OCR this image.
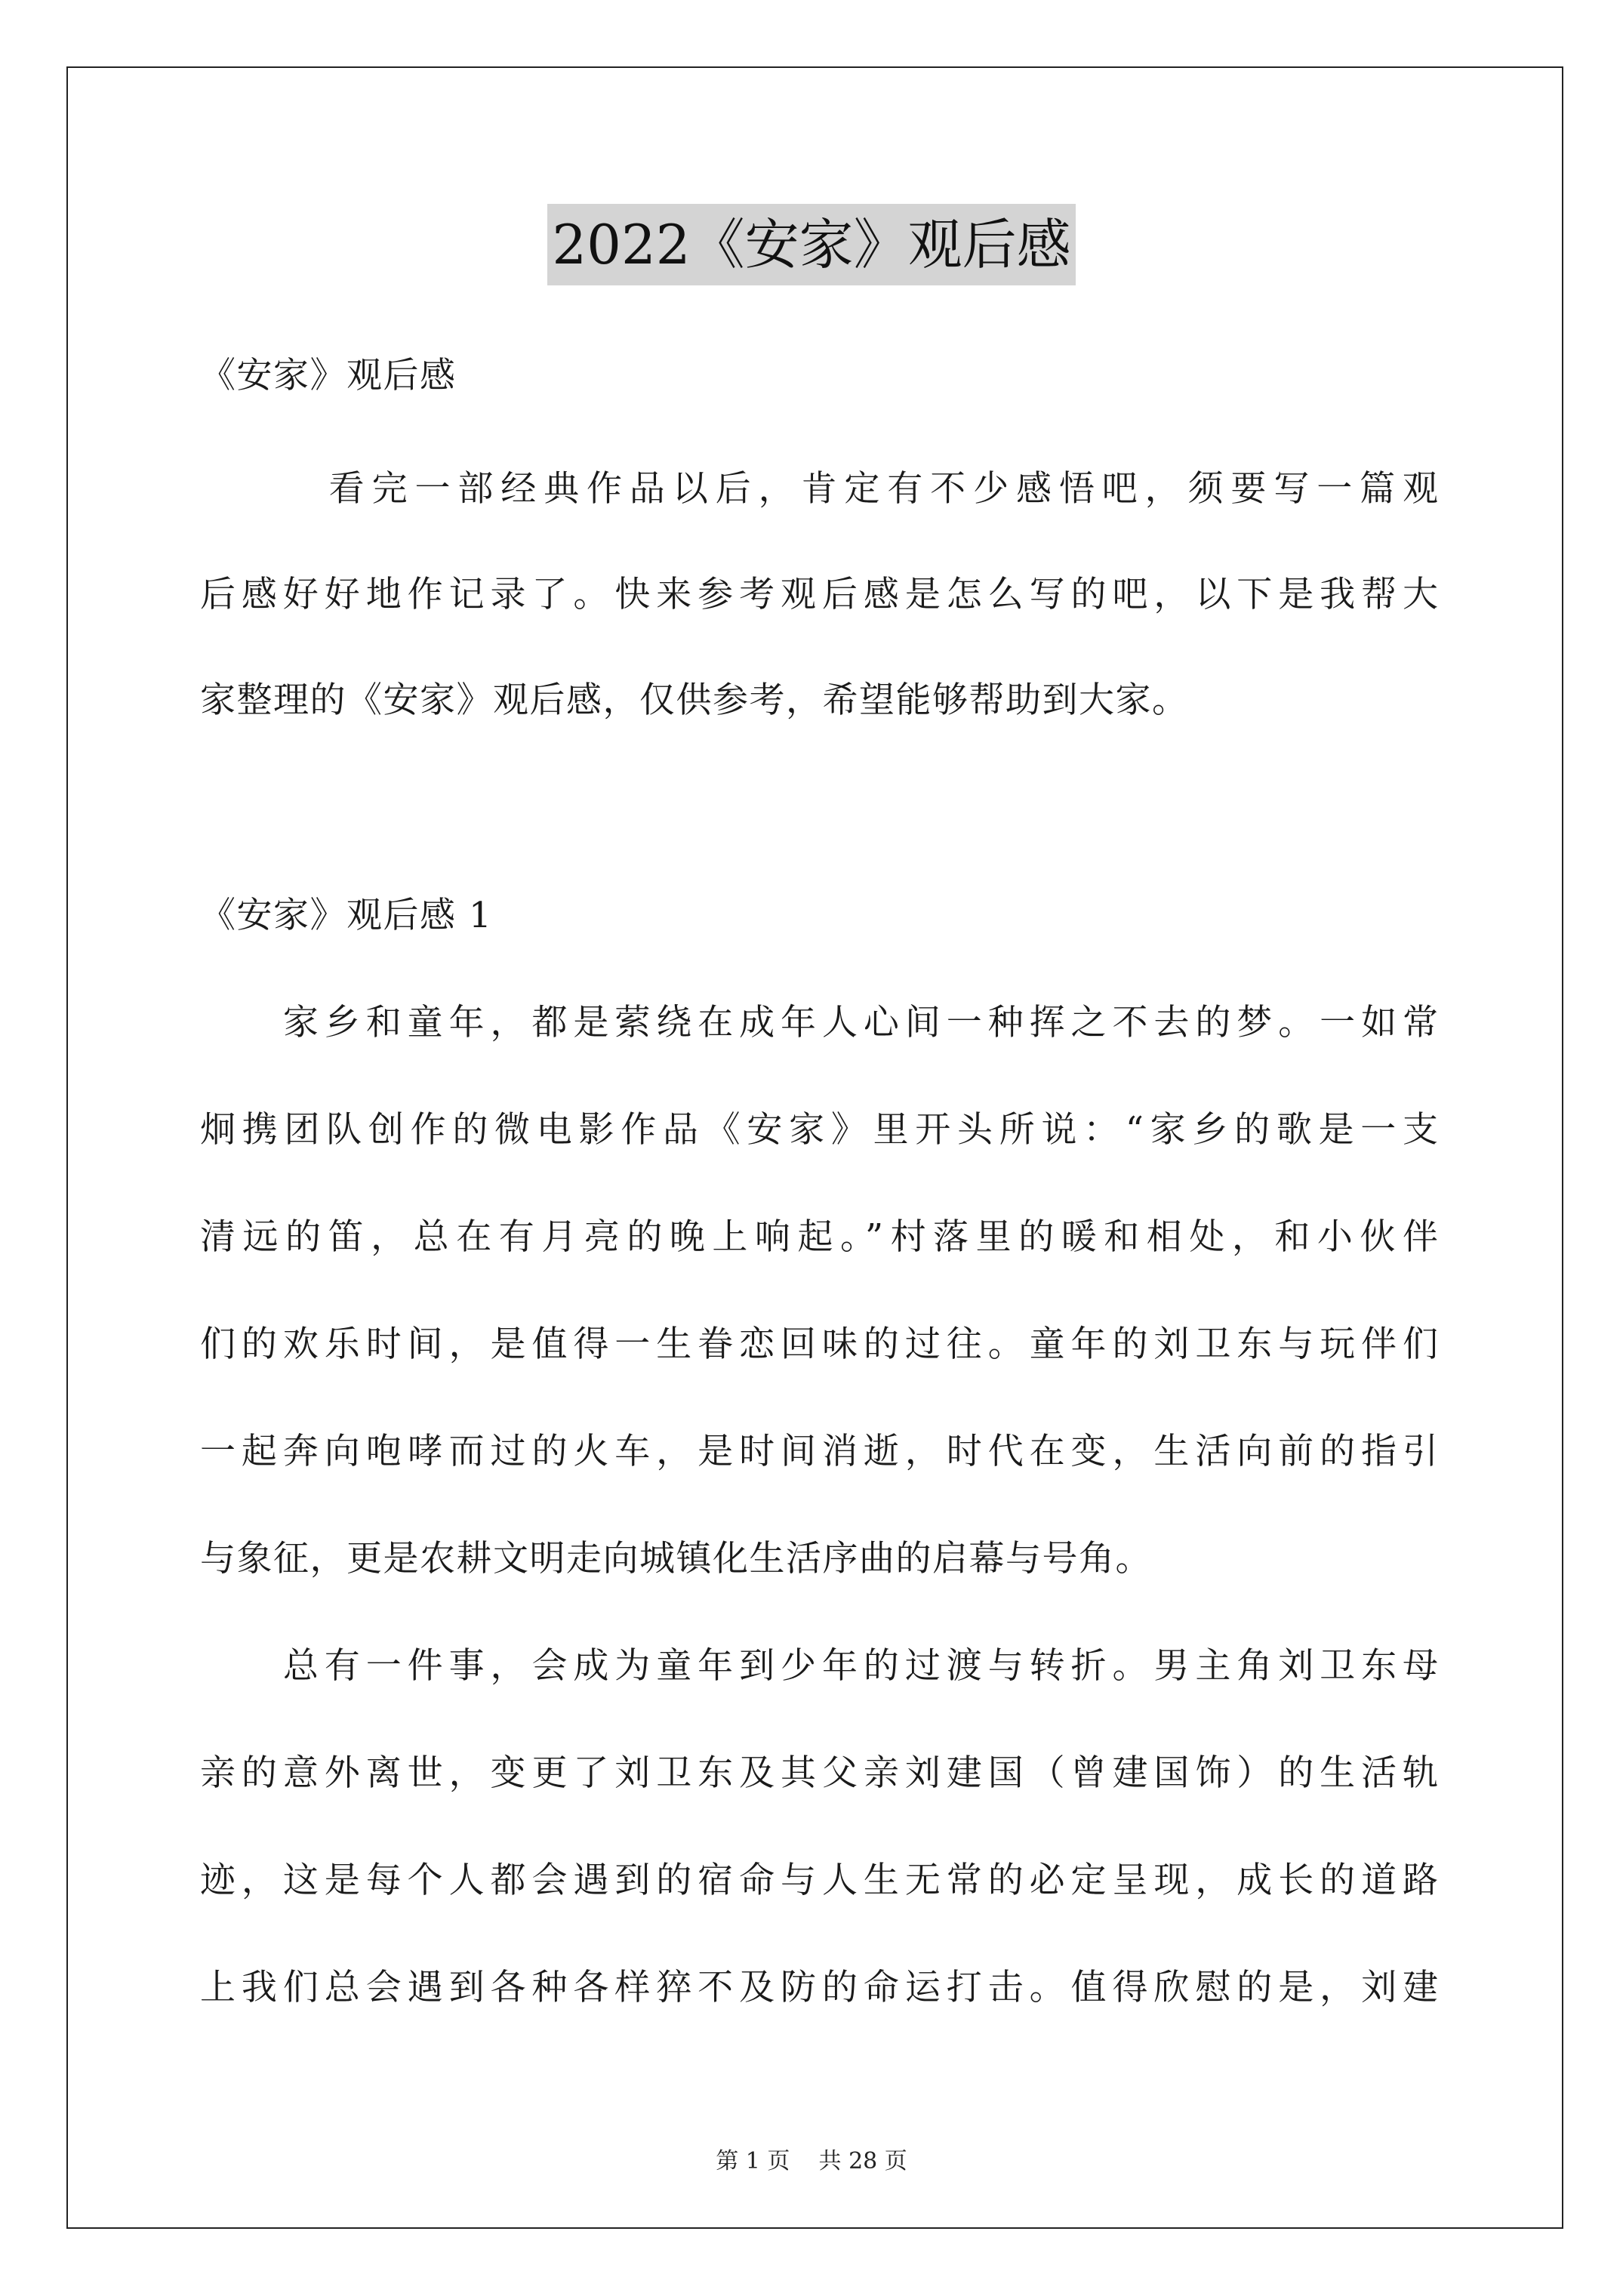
2022《安家》观后感
《安家》观后感
　　　看完一部经典作品以后，肯定有不少感悟吧，须要写一篇观
后感好好地作记录了。快来参考观后感是怎么写的吧，以下是我帮大
家整理的《安家》观后感，仅供参考，希望能够帮助到大家。
《安家》观后感 1
　　家乡和童年，都是萦绕在成年人心间一种挥之不去的梦。一如常
炯携团队创作的微电影作品《安家》里开头所说：“家乡的歌是一支
清远的笛，总在有月亮的晚上响起。”村落里的暖和相处，和小伙伴
们的欢乐时间，是值得一生眷恋回味的过往。童年的刘卫东与玩伴们
一起奔向咆哮而过的火车，是时间消逝，时代在变，生活向前的指引
与象征，更是农耕文明走向城镇化生活序曲的启幕与号角。
　　总有一件事，会成为童年到少年的过渡与转折。男主角刘卫东母
亲的意外离世，变更了刘卫东及其父亲刘建国（曾建国饰）的生活轨
迹，这是每个人都会遇到的宿命与人生无常的必定呈现，成长的道路
上我们总会遇到各种各样猝不及防的命运打击。值得欣慰的是，刘建
第 1 页 共 28 页
